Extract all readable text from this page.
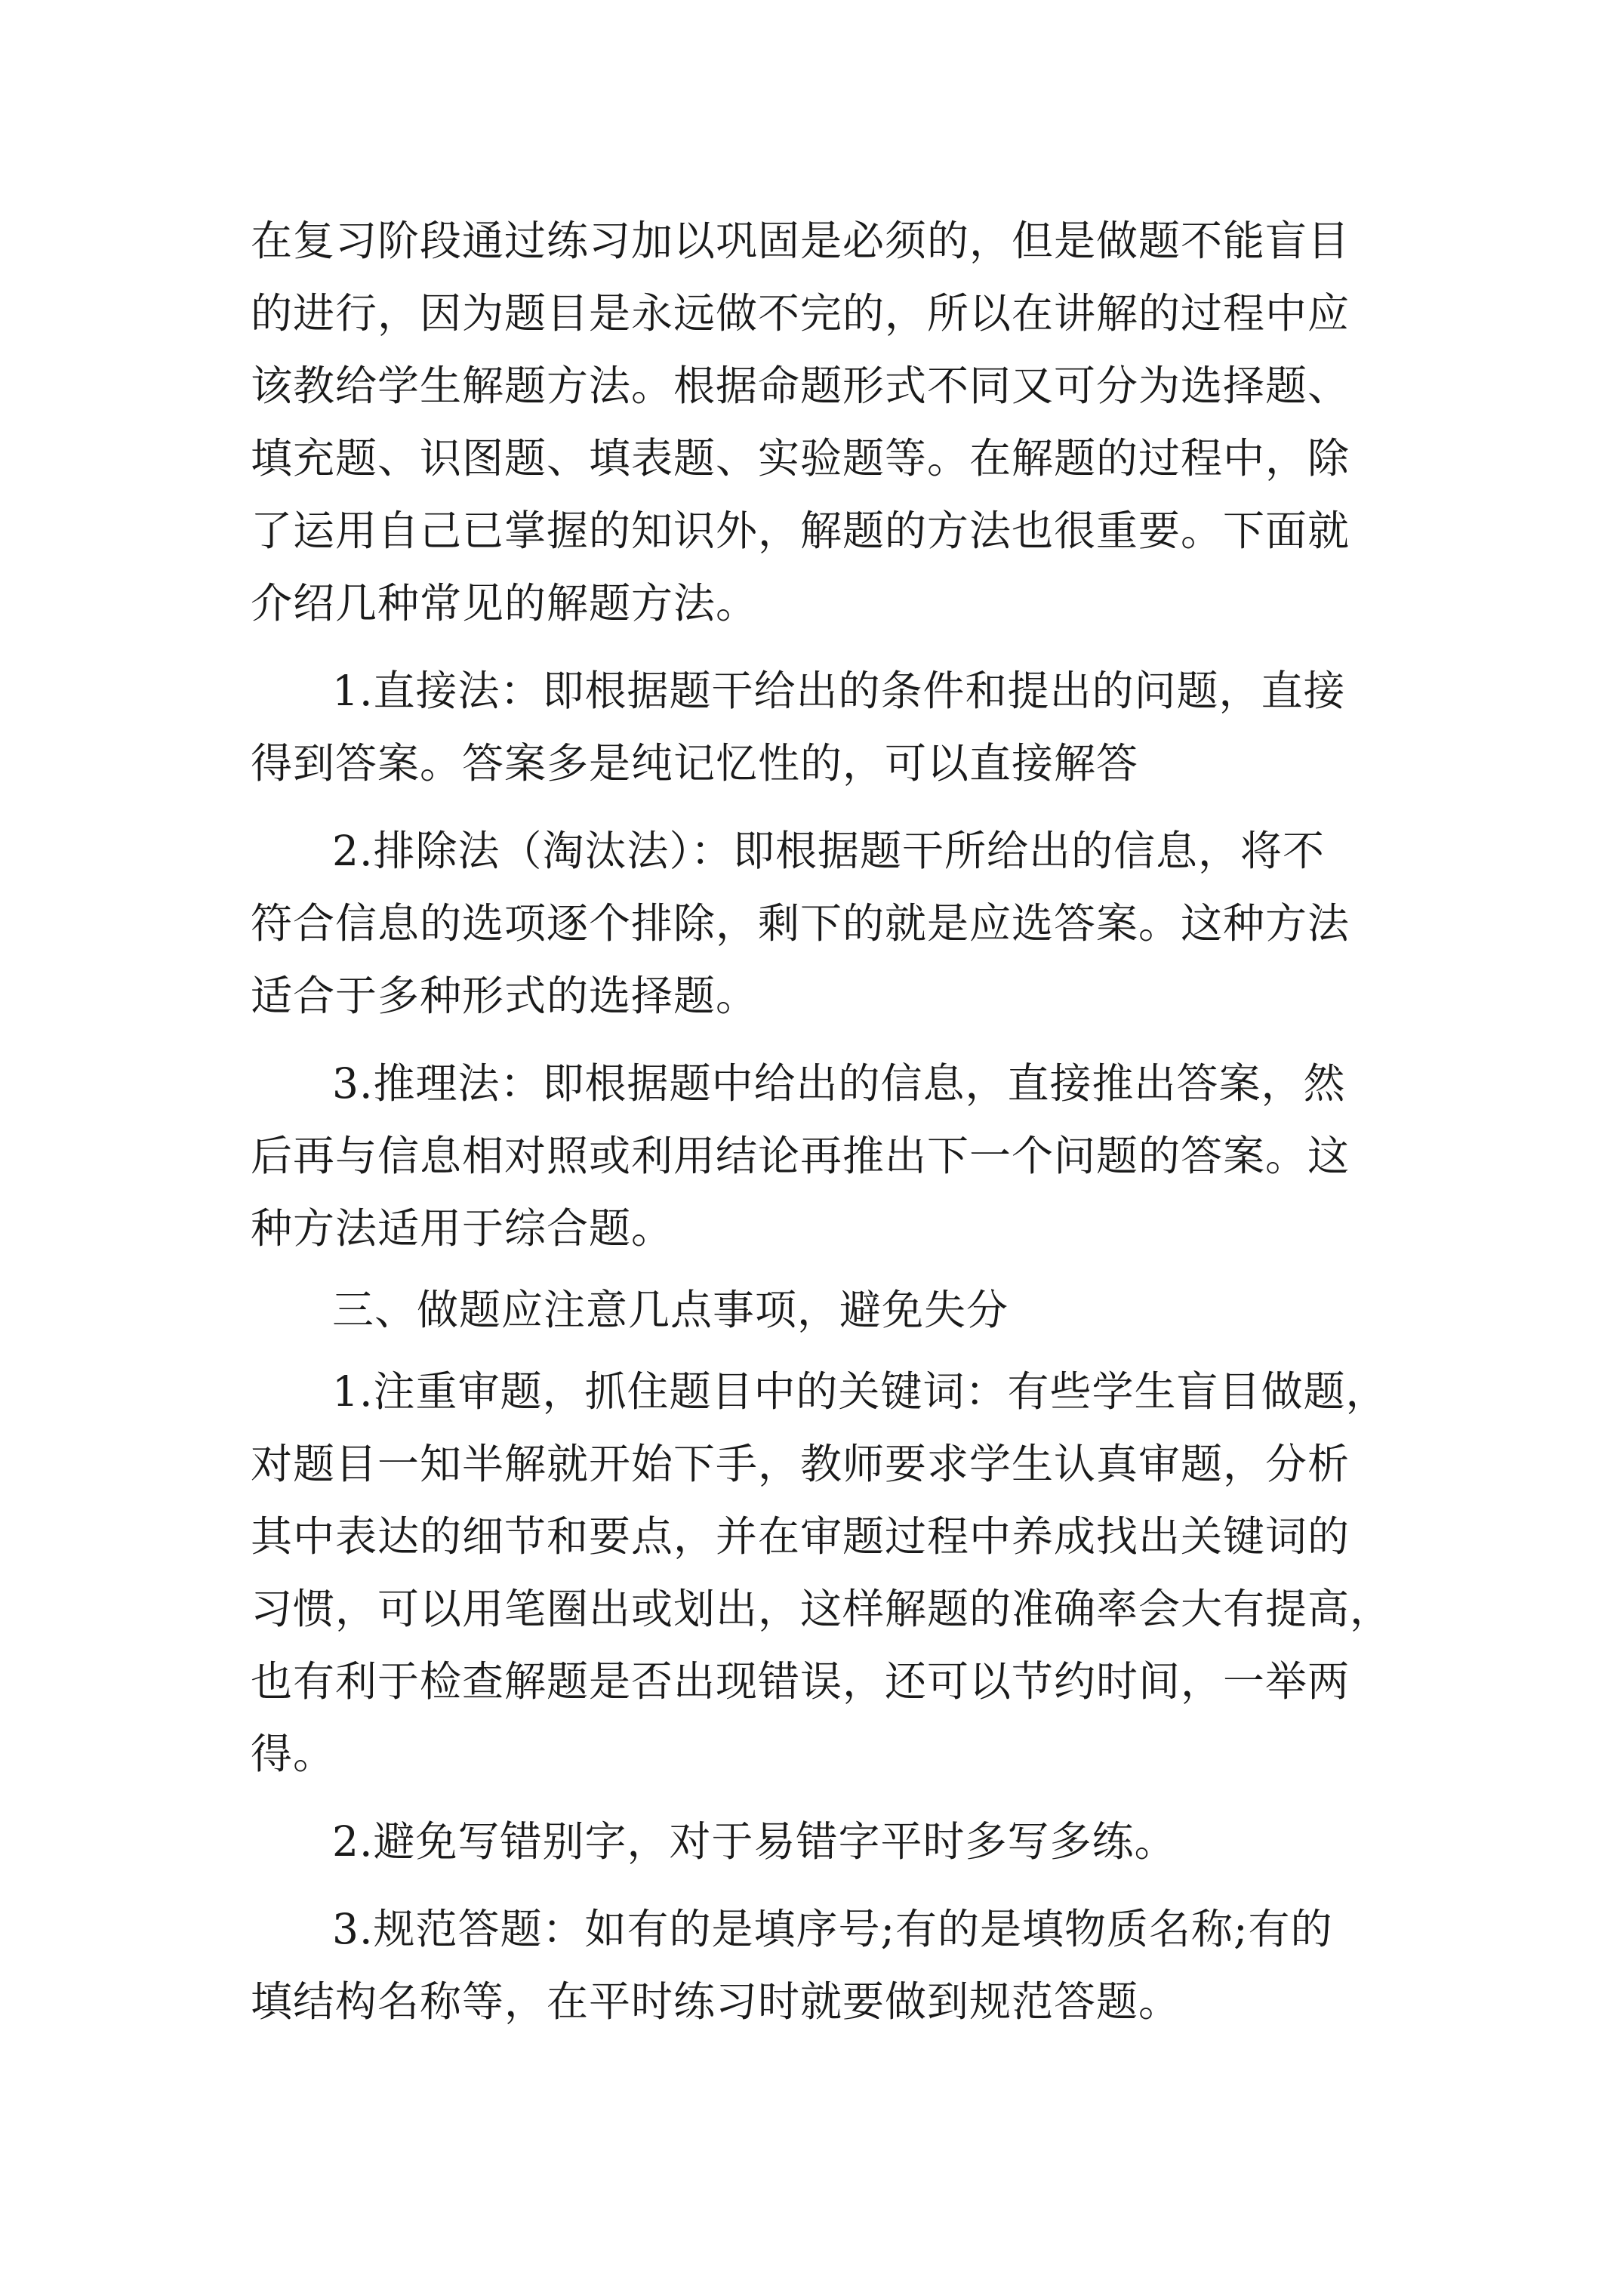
在复习阶段通过练习加以巩固是必须的，但是做题不能盲目

的进行，因为题目是永远做不完的，所以在讲解的过程中应

该教给学生解题方法。根据命题形式不同又可分为选择题、

填充题、识图题、填表题、实验题等。在解题的过程中，除

了运用自己已掌握的知识外，解题的方法也很重要。下面就

介绍几种常见的解题方法。

1.直接法：即根据题干给出的条件和提出的问题，直接

得到答案。答案多是纯记忆性的，可以直接解答

2.排除法（淘汰法）：即根据题干所给出的信息，将不

符合信息的选项逐个排除，剩下的就是应选答案。这种方法

适合于多种形式的选择题。

3.推理法：即根据题中给出的信息，直接推出答案，然

后再与信息相对照或利用结论再推出下一个问题的答案。这

种方法适用于综合题。

三、做题应注意几点事项，避免失分

1.注重审题，抓住题目中的关键词：有些学生盲目做题，

对题目一知半解就开始下手，教师要求学生认真审题，分析

其中表达的细节和要点，并在审题过程中养成找出关键词的

习惯，可以用笔圈出或划出，这样解题的准确率会大有提高，

也有利于检查解题是否出现错误，还可以节约时间，一举两

得。

2.避免写错别字，对于易错字平时多写多练。

3.规范答题：如有的是填序号;有的是填物质名称;有的

填结构名称等，在平时练习时就要做到规范答题。
